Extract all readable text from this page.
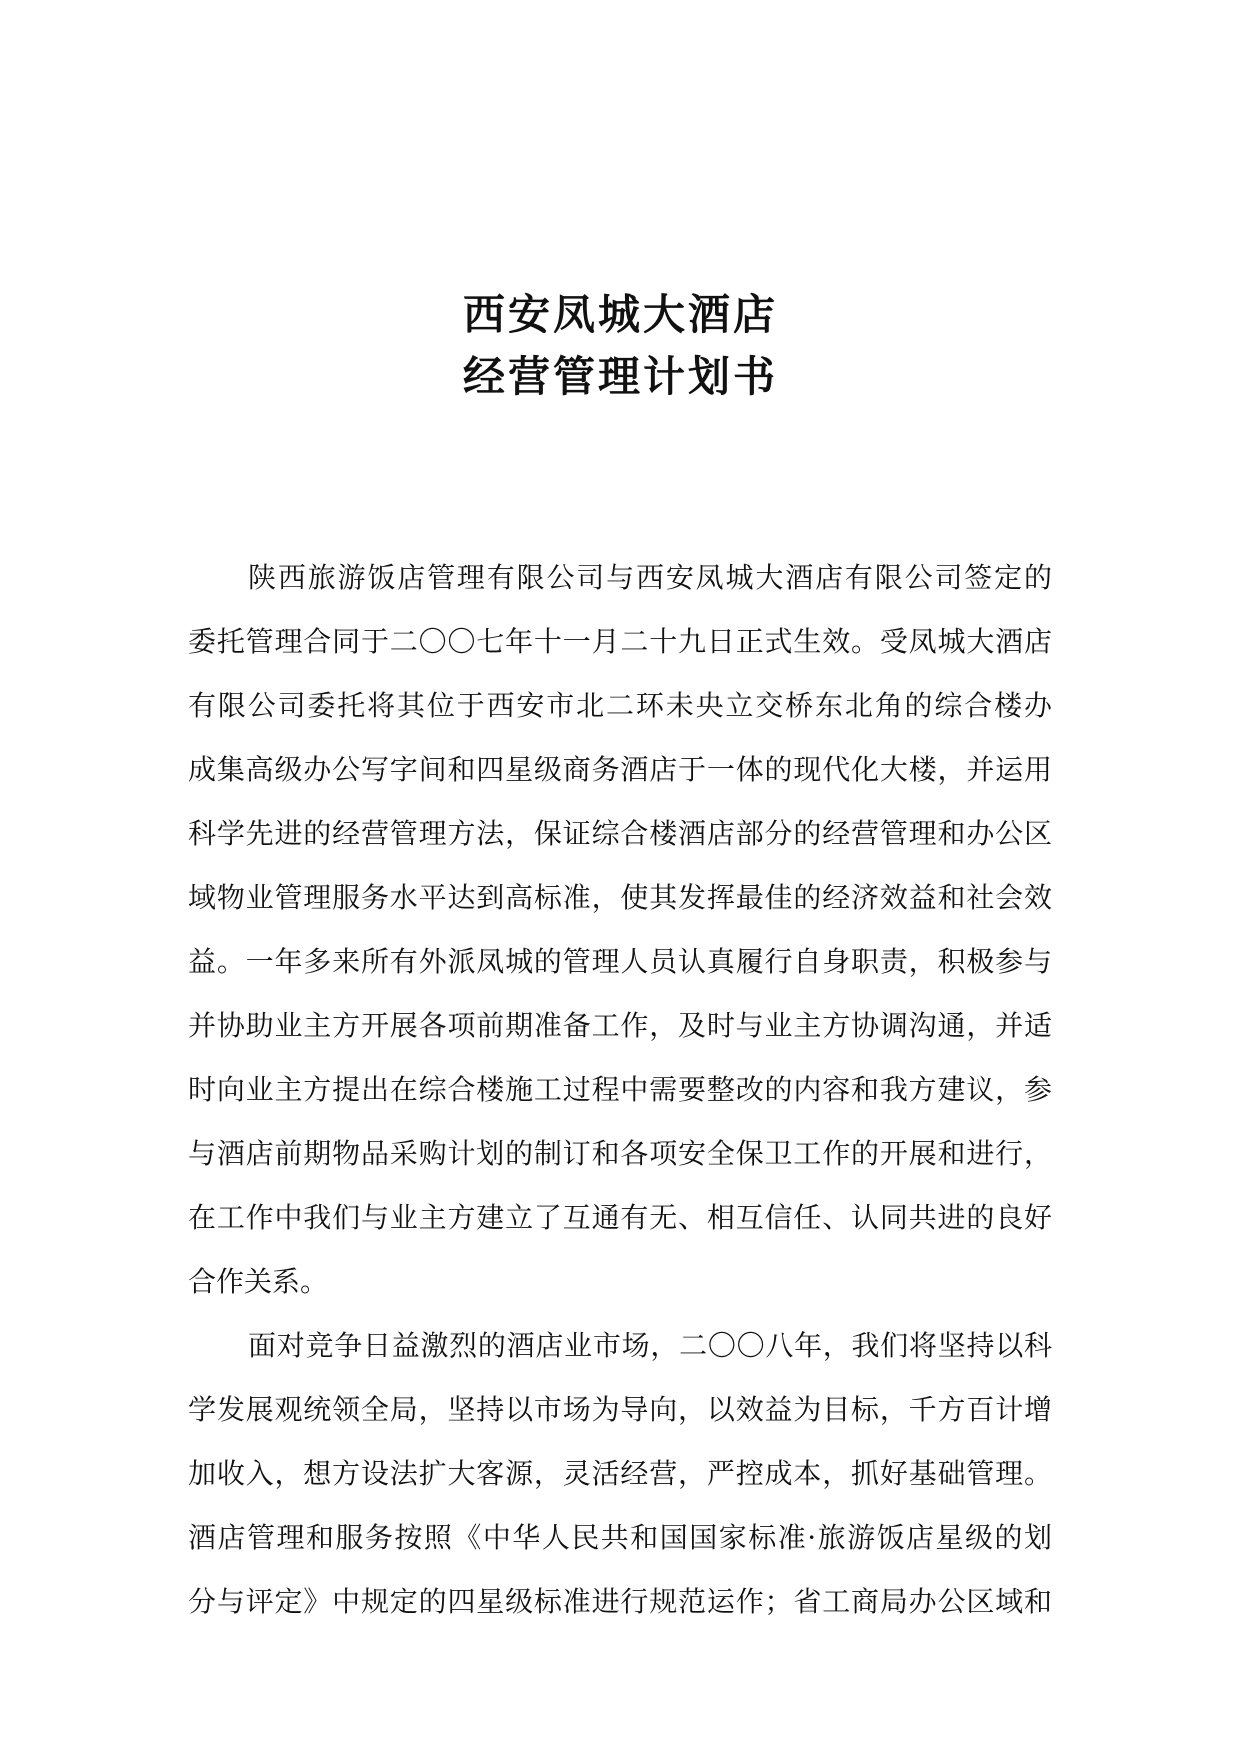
西安凤城大酒店
经营管理计划书
陕西旅游饭店管理有限公司与西安凤城大酒店有限公司签定的
委托管理合同于二〇〇七年十一月二十九日正式生效。受凤城大酒店
有限公司委托将其位于西安市北二环未央立交桥东北角的综合楼办
成集高级办公写字间和四星级商务酒店于一体的现代化大楼，并运用
科学先进的经营管理方法，保证综合楼酒店部分的经营管理和办公区
域物业管理服务水平达到高标准，使其发挥最佳的经济效益和社会效
益。一年多来所有外派凤城的管理人员认真履行自身职责，积极参与
并协助业主方开展各项前期准备工作，及时与业主方协调沟通，并适
时向业主方提出在综合楼施工过程中需要整改的内容和我方建议，参
与酒店前期物品采购计划的制订和各项安全保卫工作的开展和进行，
在工作中我们与业主方建立了互通有无、相互信任、认同共进的良好
合作关系。
面对竞争日益激烈的酒店业市场，二〇〇八年，我们将坚持以科
学发展观统领全局，坚持以市场为导向，以效益为目标，千方百计增
加收入，想方设法扩大客源，灵活经营，严控成本，抓好基础管理。
酒店管理和服务按照《中华人民共和国国家标准·旅游饭店星级的划
分与评定》中规定的四星级标准进行规范运作；省工商局办公区域和
